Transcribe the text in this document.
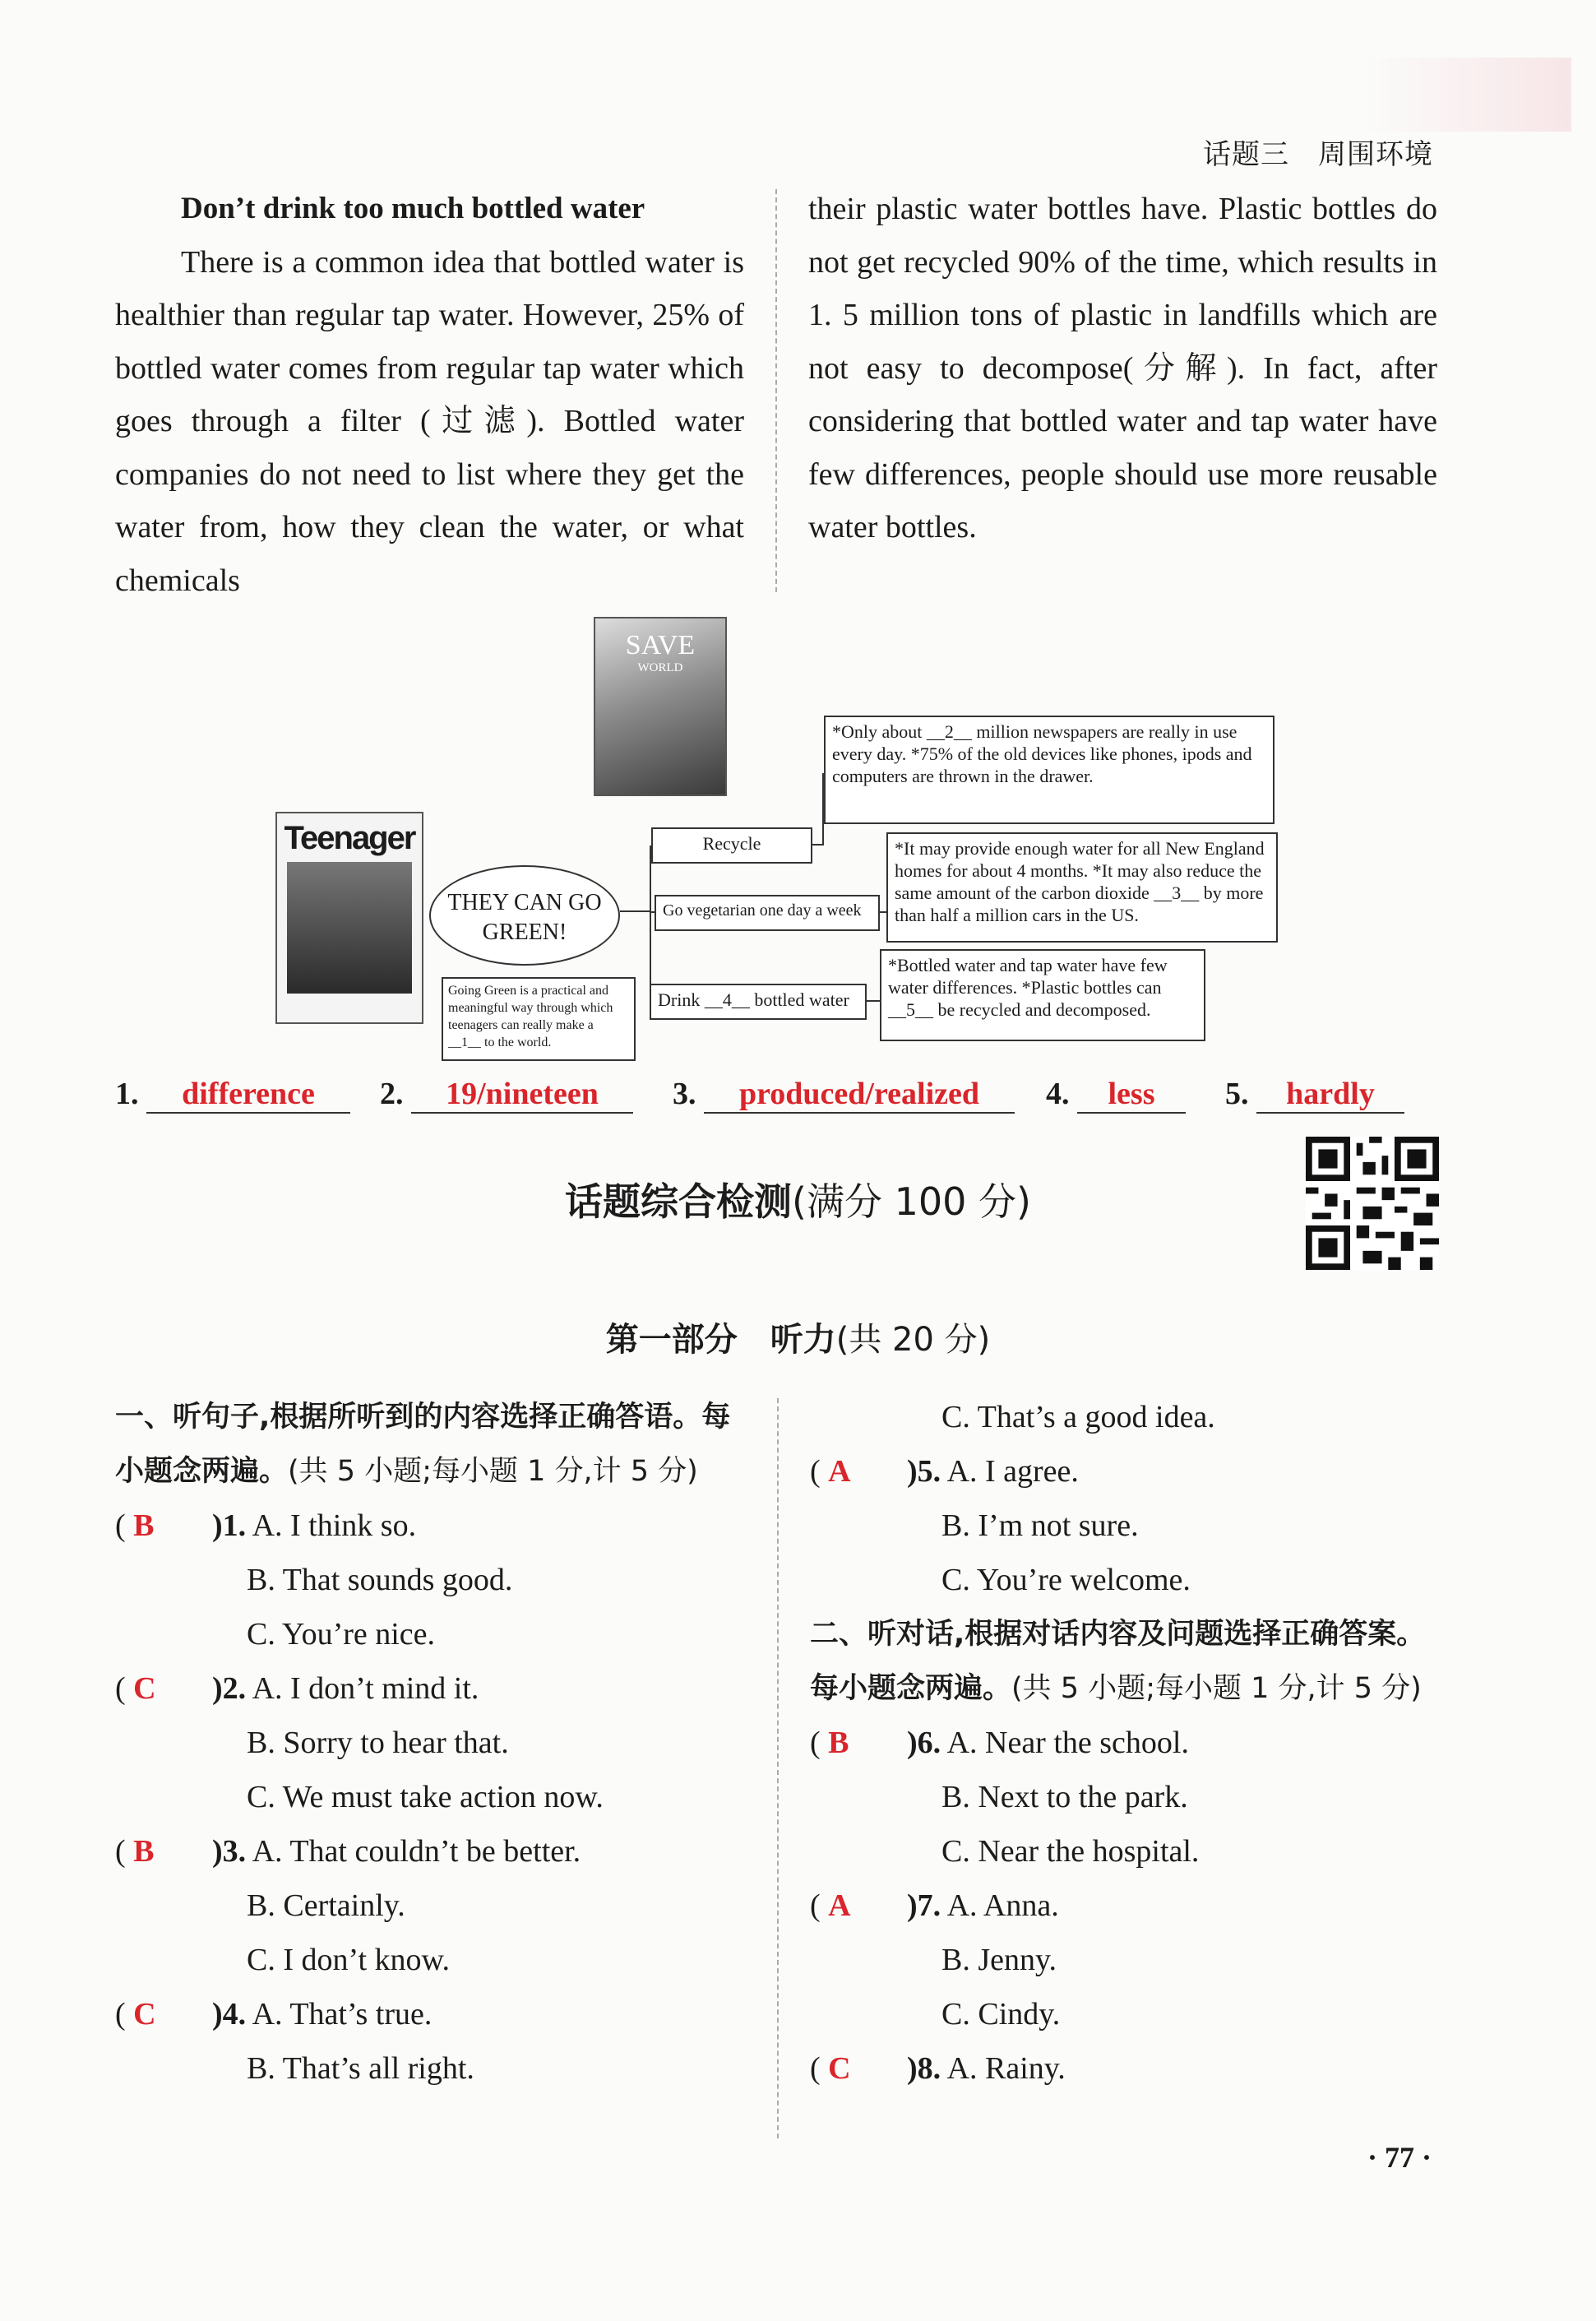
话题三　周围环境

Don’t drink too much bottled water

There is a common idea that bottled water is healthier than regular tap water. However, 25% of bottled water comes from regular tap water which goes through a filter (过滤). Bottled water companies do not need to list where they get the water from, how they clean the water, or what chemicals

their plastic water bottles have. Plastic bottles do not get recycled 90% of the time, which results in 1. 5 million tons of plastic in landfills which are not easy to decompose(分解). In fact, after considering that bottled water and tap water have few differences, people should use more reusable water bottles.

SAVE
WORLD
Teenager
THEY CAN GO GREEN!
Going Green is a practical and meaningful way through which teenagers can really make a __1__ to the world.
Recycle
Go vegetarian one day a week
Drink __4__ bottled water
*Only about __2__ million newspapers are really in use every day. *75% of the old devices like phones, ipods and computers are thrown in the drawer.
*It may provide enough water for all New England homes for about 4 months. *It may also reduce the same amount of the carbon dioxide __3__ by more than half a million cars in the US.
*Bottled water and tap water have few water differences. *Plastic bottles can __5__ be recycled and decomposed.
1. difference	2. 19/nineteen	3. produced/realized	4. less	5. hardly
话题综合检测(满分 100 分)
第一部分　听力(共 20 分)

一、听句子,根据所听到的内容选择正确答语。每小题念两遍。(共 5 小题;每小题 1 分,计 5 分)

( B )1. A. I think so.

B. That sounds good.

C. You’re nice.

( C )2. A. I don’t mind it.

B. Sorry to hear that.

C. We must take action now.

( B )3. A. That couldn’t be better.

B. Certainly.

C. I don’t know.

( C )4. A. That’s true.

B. That’s all right.

C. That’s a good idea.

( A )5. A. I agree.

B. I’m not sure.

C. You’re welcome.

二、听对话,根据对话内容及问题选择正确答案。每小题念两遍。(共 5 小题;每小题 1 分,计 5 分)

( B )6. A. Near the school.

B. Next to the park.

C. Near the hospital.

( A )7. A. Anna.

B. Jenny.

C. Cindy.

( C )8. A. Rainy.

· 77 ·
